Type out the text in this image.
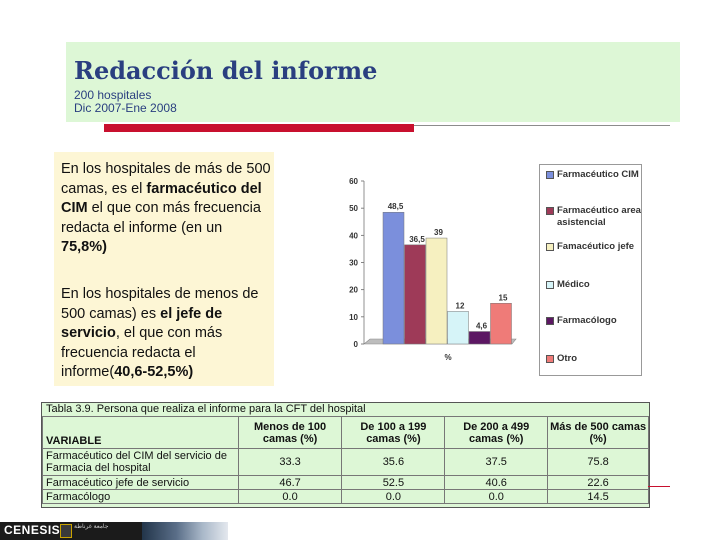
Redacción del informe
200 hospitales
Dic 2007-Ene 2008
En los hospitales de más de 500 camas, es el farmacéutico del CIM el que con más frecuencia redacta el informe (en un 75,8%)
En los hospitales de menos de 500 camas) es el jefe de servicio, el que con más frecuencia redacta el informe(40,6-52,5%)
0
10
20
30
40
50
60
48,5
36,5
39
12
4,6
15
%
Farmacéutico CIM
Farmacéutico area asistencial
Famacéutico jefe
Médico
Farmacólogo
Otro
Tabla 3.9. Persona que realiza el informe para la CFT del hospital
VARIABLE	Menos de 100 camas (%)	De 100 a 199 camas (%)	De 200 a 499 camas (%)	Más de 500 camas (%)
Farmacéutico del CIM del servicio de Farmacia del hospital	33.3	35.6	37.5	75.8
Farmacéutico jefe de servicio	46.7	52.5	40.6	22.6
Farmacólogo	0.0	0.0	0.0	14.5
CENESIS جامعة غرناطة
